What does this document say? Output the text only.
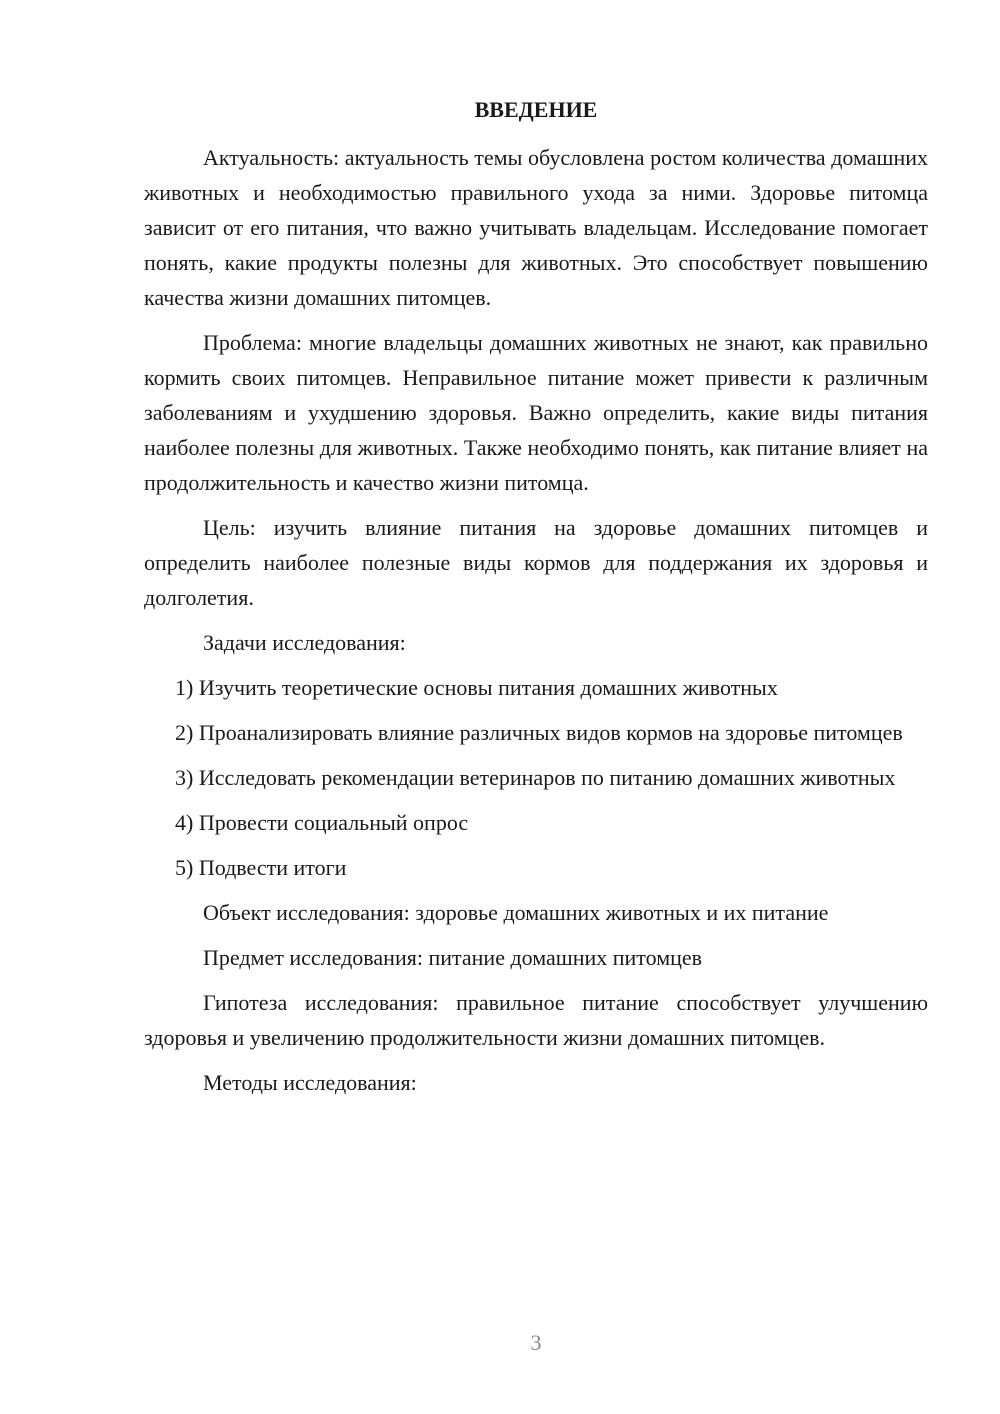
ВВЕДЕНИЕ

Актуальность: актуальность темы обусловлена ростом количества домашних животных и необходимостью правильного ухода за ними. Здоровье питомца зависит от его питания, что важно учитывать владельцам. Исследование помогает понять, какие продукты полезны для животных. Это способствует повышению качества жизни домашних питомцев.

Проблема: многие владельцы домашних животных не знают, как правильно кормить своих питомцев. Неправильное питание может привести к различным заболеваниям и ухудшению здоровья. Важно определить, какие виды питания наиболее полезны для животных. Также необходимо понять, как питание влияет на продолжительность и качество жизни питомца.

Цель: изучить влияние питания на здоровье домашних питомцев и определить наиболее полезные виды кормов для поддержания их здоровья и долголетия.

Задачи исследования:

1) Изучить теоретические основы питания домашних животных

2) Проанализировать влияние различных видов кормов на здоровье питомцев

3) Исследовать рекомендации ветеринаров по питанию домашних животных

4) Провести социальный опрос

5) Подвести итоги

Объект исследования: здоровье домашних животных и их питание

Предмет исследования: питание домашних питомцев

Гипотеза исследования: правильное питание способствует улучшению здоровья и увеличению продолжительности жизни домашних питомцев.

Методы исследования:

3
